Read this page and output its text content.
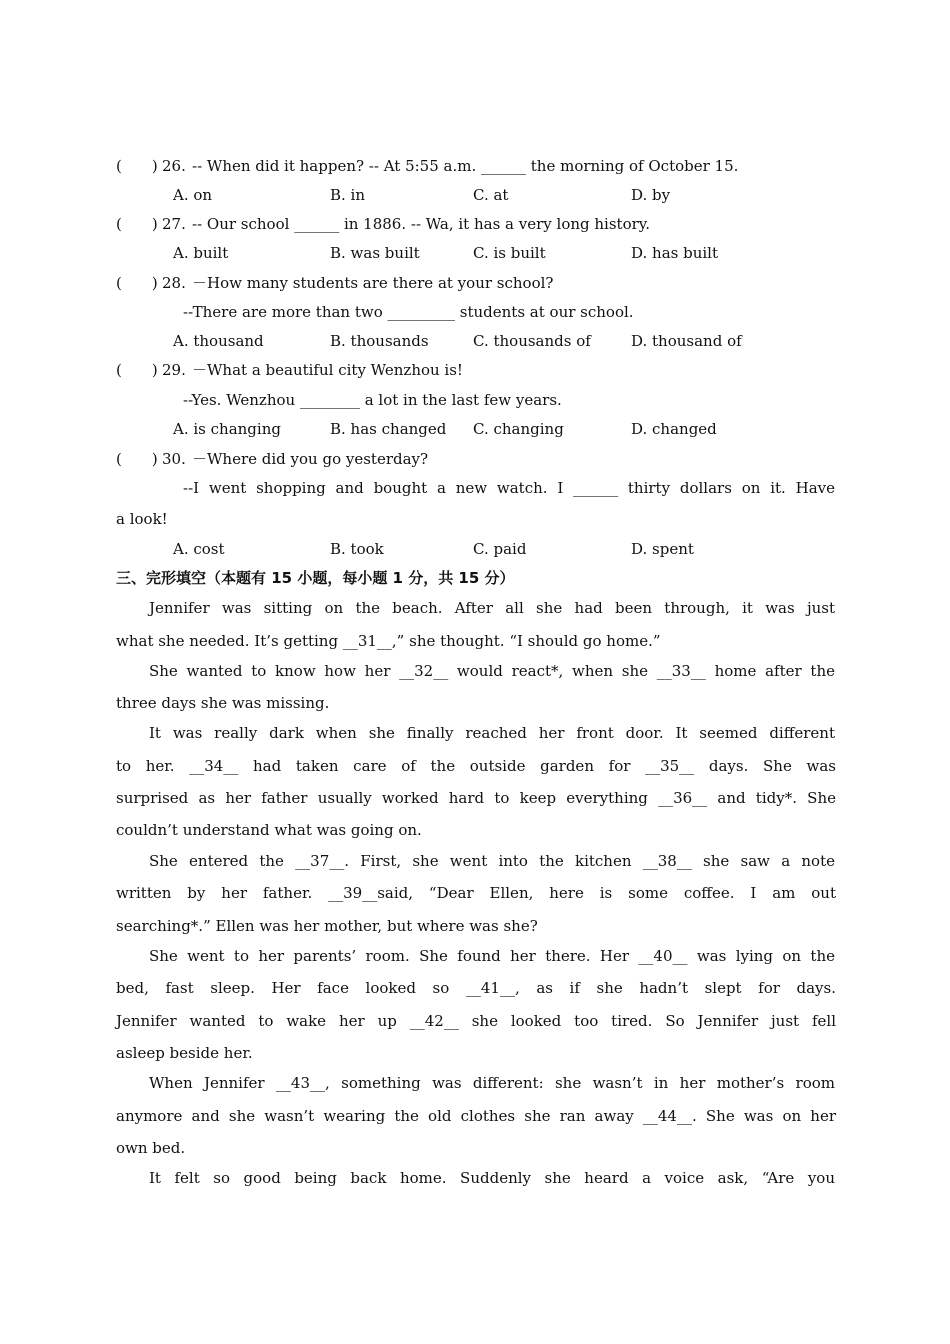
(　　) 26. -- When did it happen? -- At 5:55 a.m. ______ the morning of October 15.
A. on	B. in	C. at	D. by
(　　) 27. -- Our school ______ in 1886. -- Wa, it has a very long history.
A. built	B. was built	C. is built	D. has built
(　　) 28. －How many students are there at your school?
--There are more than two _________ students at our school.
A. thousand	B. thousands	C. thousands of	D. thousand of
(　　) 29. －What a beautiful city Wenzhou is!
--Yes. Wenzhou ________ a lot in the last few years.
A. is changing	B. has changed C. changing	D. changed
(　　) 30. －Where did you go yesterday?
--I went shopping and bought a new watch. I ______ thirty dollars on it. Have
a look!
A. cost	B. took	C. paid	D. spent
三、完形填空（本题有 15 小题，每小题 1 分，共 15 分）
Jennifer was sitting on the beach. After all she had been through, it was just
what she needed. It’s getting __31__,” she thought. “I should go home.”
She wanted to know how her __32__ would react*, when she __33__ home after the
three days she was missing.
It was really dark when she finally reached her front door. It seemed different
to her. __34__ had taken care of the outside garden for __35__ days. She was
surprised as her father usually worked hard to keep everything __36__ and tidy*. She
couldn’t understand what was going on.
She entered the __37__. First, she went into the kitchen __38__ she saw a note
written by her father. __39__said, “Dear Ellen, here is some coffee. I am out
searching*.” Ellen was her mother, but where was she?
She went to her parents’ room. She found her there. Her __40__ was lying on the
bed, fast sleep. Her face looked so __41__, as if she hadn’t slept for days.
Jennifer wanted to wake her up __42__ she looked too tired. So Jennifer just fell
asleep beside her.
When Jennifer __43__, something was different: she wasn’t in her mother’s room
anymore and she wasn’t wearing the old clothes she ran away __44__. She was on her
own bed.
It felt so good being back home. Suddenly she heard a voice ask, “Are you
